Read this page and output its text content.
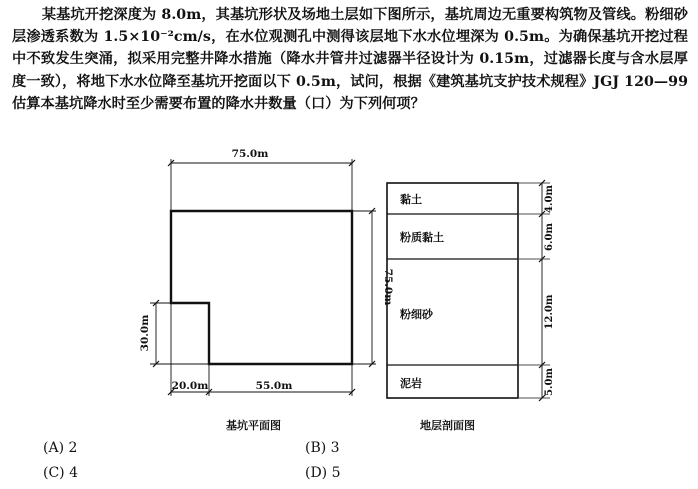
某基坑开挖深度为 8.0m，其基坑形状及场地土层如下图所示，基坑周边无重要构筑物及管线。粉细砂层渗透系数为 1.5×10⁻²cm/s，在水位观测孔中测得该层地下水水位埋深为 0.5m。为确保基坑开挖过程中不致发生突涌，拟采用完整井降水措施（降水井管井过滤器半径设计为 0.15m，过滤器长度与含水层厚度一致），将地下水水位降至基坑开挖面以下 0.5m，试问，根据《建筑基坑支护技术规程》JGJ 120—99 估算本基坑降水时至少需要布置的降水井数量（口）为下列何项？

75.0m
75.0m
30.0m
20.0m	55.0m
黏土
粉质黏土
粉细砂
泥岩
4.0m
6.0m
12.0m
5.0m
基坑平面图	地层剖面图
(A) 2	(B) 3
(C) 4	(D) 5
